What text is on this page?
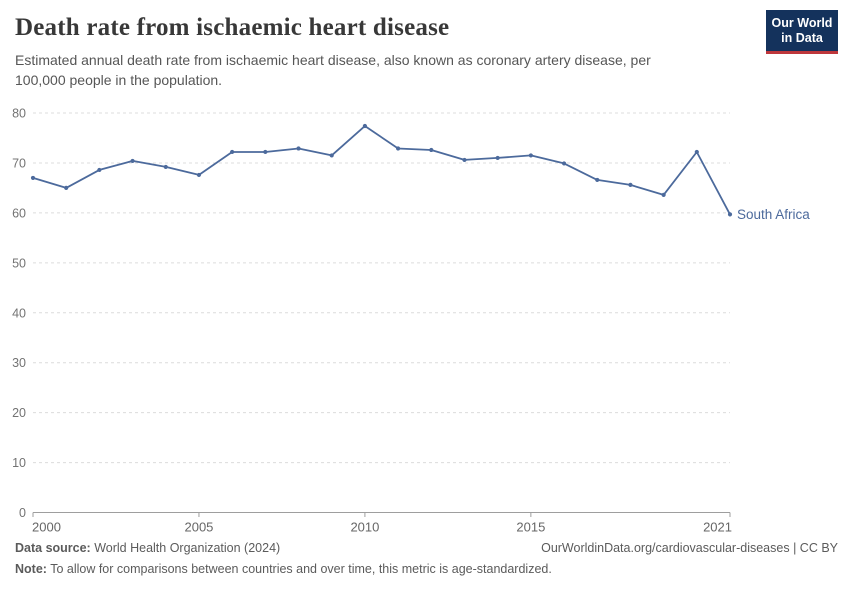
Death rate from ischaemic heart disease

Estimated annual death rate from ischaemic heart disease, also known as coronary artery disease, per 100,000 people in the population.

Our World
in Data
0
10
20
30
40
50
60
70
80
2000	2005	2010	2015	2021
South Africa
Data source: World Health Organization (2024)	OurWorldinData.org/cardiovascular-diseases | CC BY
Note: To allow for comparisons between countries and over time, this metric is age-standardized.
